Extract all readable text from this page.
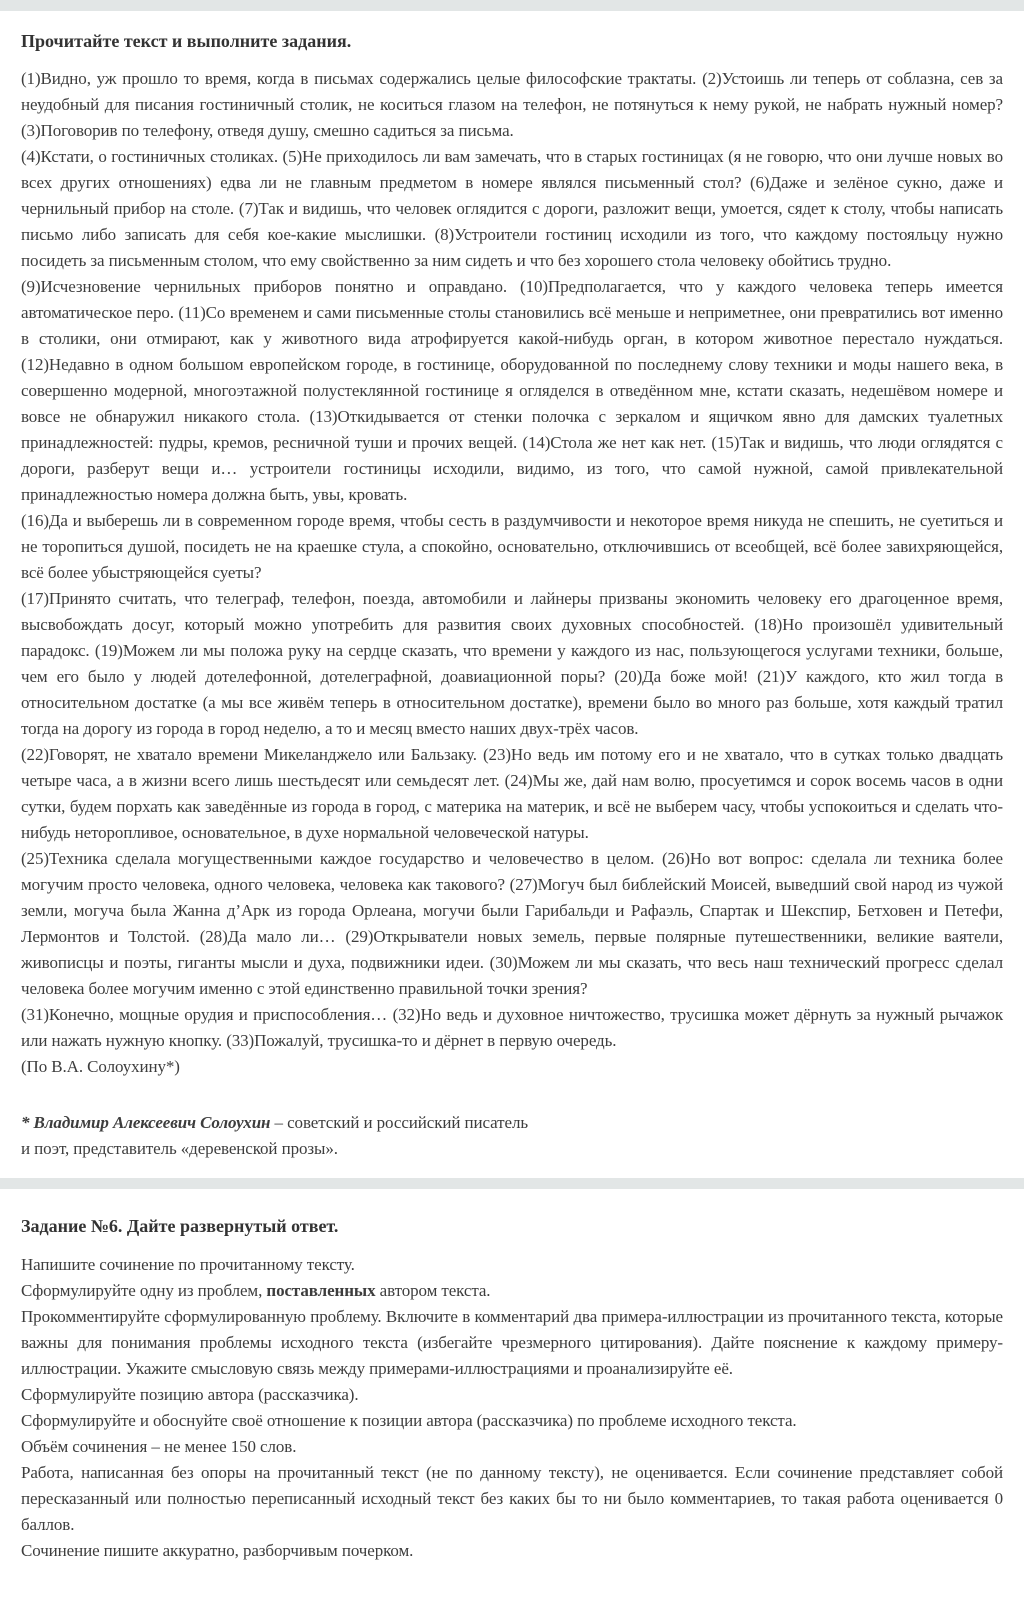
Прочитайте текст и выполните задания.

(1)Видно, уж прошло то время, когда в письмах содержались целые философские трактаты. (2)Устоишь ли теперь от соблазна, сев за неудобный для писания гостиничный столик, не коситься глазом на телефон, не потянуться к нему рукой, не набрать нужный номер? (3)Поговорив по телефону, отведя душу, смешно садиться за письма.

(4)Кстати, о гостиничных столиках. (5)Не приходилось ли вам замечать, что в старых гостиницах (я не говорю, что они лучше новых во всех других отношениях) едва ли не главным предметом в номере являлся письменный стол? (6)Даже и зелёное сукно, даже и чернильный прибор на столе. (7)Так и видишь, что человек оглядится с дороги, разложит вещи, умоется, сядет к столу, чтобы написать письмо либо записать для себя кое-какие мыслишки. (8)Устроители гостиниц исходили из того, что каждому постояльцу нужно посидеть за письменным столом, что ему свойственно за ним сидеть и что без хорошего стола человеку обойтись трудно.

(9)Исчезновение чернильных приборов понятно и оправдано. (10)Предполагается, что у каждого человека теперь имеется автоматическое перо. (11)Со временем и сами письменные столы становились всё меньше и неприметнее, они превратились вот именно в столики, они отмирают, как у животного вида атрофируется какой-нибудь орган, в котором животное перестало нуждаться. (12)Недавно в одном большом европейском городе, в гостинице, оборудованной по последнему слову техники и моды нашего века, в совершенно модерной, многоэтажной полустеклянной гостинице я огляделся в отведённом мне, кстати сказать, недешёвом номере и вовсе не обнаружил никакого стола. (13)Откидывается от стенки полочка с зеркалом и ящичком явно для дамских туалетных принадлежностей: пудры, кремов, ресничной туши и прочих вещей. (14)Стола же нет как нет. (15)Так и видишь, что люди оглядятся с дороги, разберут вещи и… устроители гостиницы исходили, видимо, из того, что самой нужной, самой привлекательной принадлежностью номера должна быть, увы, кровать.

(16)Да и выберешь ли в современном городе время, чтобы сесть в раздумчивости и некоторое время никуда не спешить, не суетиться и не торопиться душой, посидеть не на краешке стула, а спокойно, основательно, отключившись от всеобщей, всё более завихряющейся, всё более убыстряющейся суеты?

(17)Принято считать, что телеграф, телефон, поезда, автомобили и лайнеры призваны экономить человеку его драгоценное время, высвобождать досуг, который можно употребить для развития своих духовных способностей. (18)Но произошёл удивительный парадокс. (19)Можем ли мы положа руку на сердце сказать, что времени у каждого из нас, пользующегося услугами техники, больше, чем его было у людей дотелефонной, дотелеграфной, доавиационной поры? (20)Да боже мой! (21)У каждого, кто жил тогда в относительном достатке (а мы все живём теперь в относительном достатке), времени было во много раз больше, хотя каждый тратил тогда на дорогу из города в город неделю, а то и месяц вместо наших двух-трёх часов.

(22)Говорят, не хватало времени Микеланджело или Бальзаку. (23)Но ведь им потому его и не хватало, что в сутках только двадцать четыре часа, а в жизни всего лишь шестьдесят или семьдесят лет. (24)Мы же, дай нам волю, просуетимся и сорок восемь часов в одни сутки, будем порхать как заведённые из города в город, с материка на материк, и всё не выберем часу, чтобы успокоиться и сделать что-нибудь неторопливое, основательное, в духе нормальной человеческой натуры.

(25)Техника сделала могущественными каждое государство и человечество в целом. (26)Но вот вопрос: сделала ли техника более могучим просто человека, одного человека, человека как такового? (27)Могуч был библейский Моисей, выведший свой народ из чужой земли, могуча была Жанна д’Арк из города Орлеана, могучи были Гарибальди и Рафаэль, Спартак и Шекспир, Бетховен и Петефи, Лермонтов и Толстой. (28)Да мало ли… (29)Открыватели новых земель, первые полярные путешественники, великие ваятели, живописцы и поэты, гиганты мысли и духа, подвижники идеи. (30)Можем ли мы сказать, что весь наш технический прогресс сделал человека более могучим именно с этой единственно правильной точки зрения?

(31)Конечно, мощные орудия и приспособления… (32)Но ведь и духовное ничтожество, трусишка может дёрнуть за нужный рычажок или нажать нужную кнопку. (33)Пожалуй, трусишка-то и дёрнет в первую очередь.

(По В.А. Солоухину*)

* Владимир Алексеевич Солоухин – советский и российский писатель

и поэт, представитель «деревенской прозы».

Задание №6. Дайте развернутый ответ.

Напишите сочинение по прочитанному тексту.

Сформулируйте одну из проблем, поставленных автором текста.

Прокомментируйте сформулированную проблему. Включите в комментарий два примера-иллюстрации из прочитанного текста, которые важны для понимания проблемы исходного текста (избегайте чрезмерного цитирования). Дайте пояснение к каждому примеру-иллюстрации. Укажите смысловую связь между примерами-иллюстрациями и проанализируйте её.

Сформулируйте позицию автора (рассказчика).

Сформулируйте и обоснуйте своё отношение к позиции автора (рассказчика) по проблеме исходного текста.

Объём сочинения – не менее 150 слов.

Работа, написанная без опоры на прочитанный текст (не по данному тексту), не оценивается. Если сочинение представляет собой пересказанный или полностью переписанный исходный текст без каких бы то ни было комментариев, то такая работа оценивается 0 баллов.

Сочинение пишите аккуратно, разборчивым почерком.
